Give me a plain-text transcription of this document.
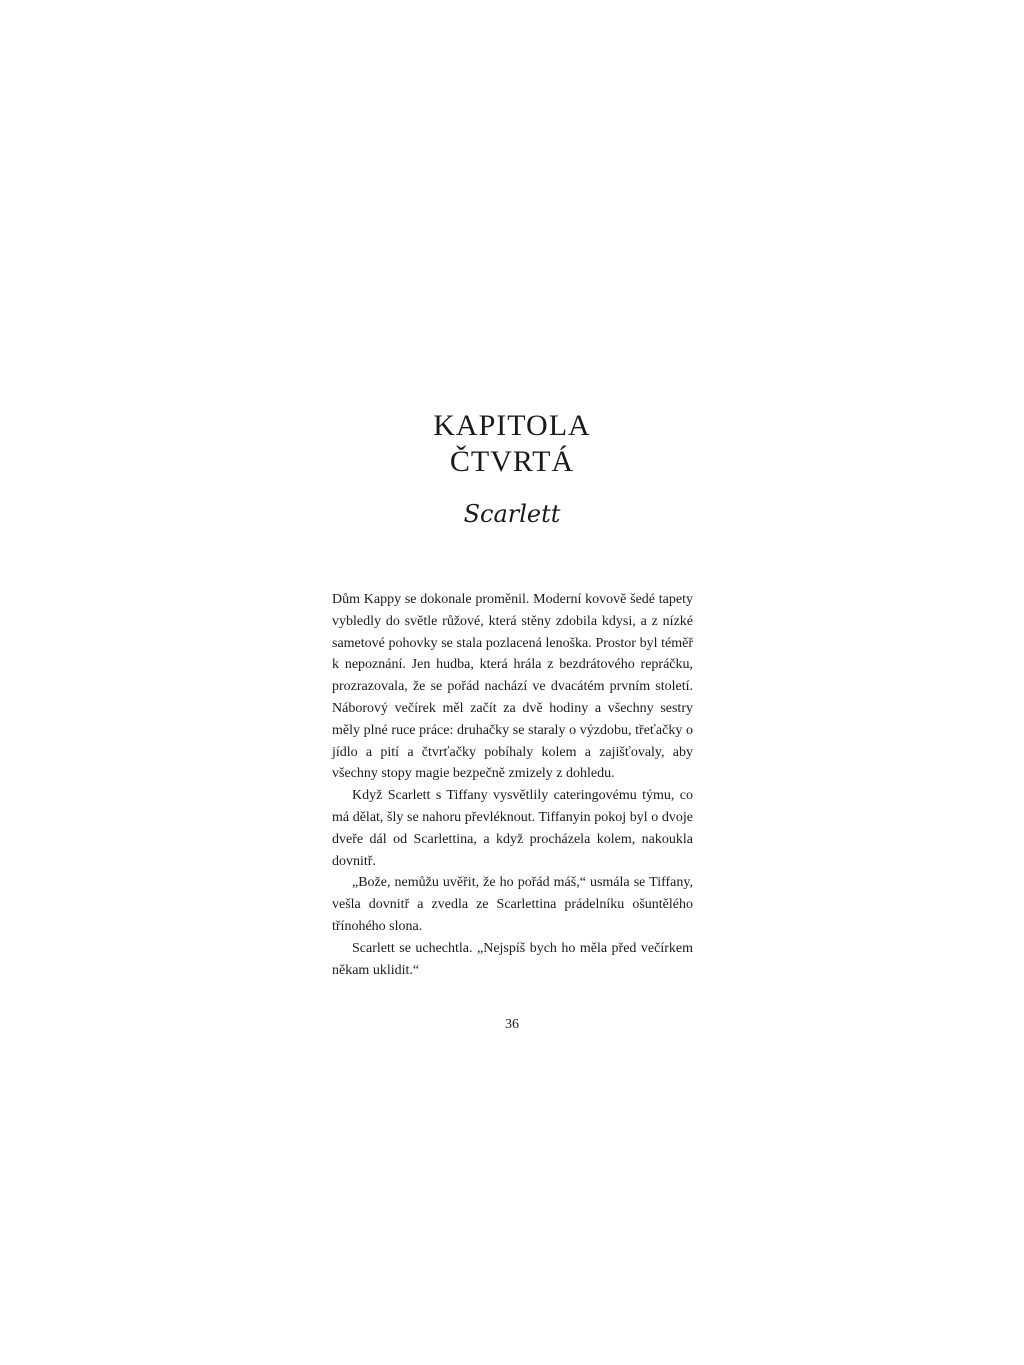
KAPITOLA
ČTVRTÁ
Scarlett

Dům Kappy se dokonale proměnil. Moderní kovově šedé tapety vybledly do světle růžové, která stěny zdobila kdysi, a z nízké sametové pohovky se stala pozlacená lenoška. Prostor byl téměř k nepoznání. Jen hudba, která hrála z bezdrátového repráčku, prozrazovala, že se pořád nachází ve dvacátém prvním století. Náborový večírek měl začít za dvě hodiny a všechny sestry měly plné ruce práce: druhačky se staraly o výzdobu, třeťačky o jídlo a pití a čtvrťačky pobíhaly kolem a zajišťovaly, aby všechny stopy magie bezpečně zmizely z dohledu.

Když Scarlett s Tiffany vysvětlily cateringovému týmu, co má dělat, šly se nahoru převléknout. Tiffanyin pokoj byl o dvoje dveře dál od Scarlettina, a když procházela kolem, nakoukla dovnitř.

„Bože, nemůžu uvěřit, že ho pořád máš,“ usmála se Tiffany, vešla dovnitř a zvedla ze Scarlettina prádelníku ošuntělého třínohého slona.

Scarlett se uchechtla. „Nejspíš bych ho měla před večírkem někam uklidit.“

36
